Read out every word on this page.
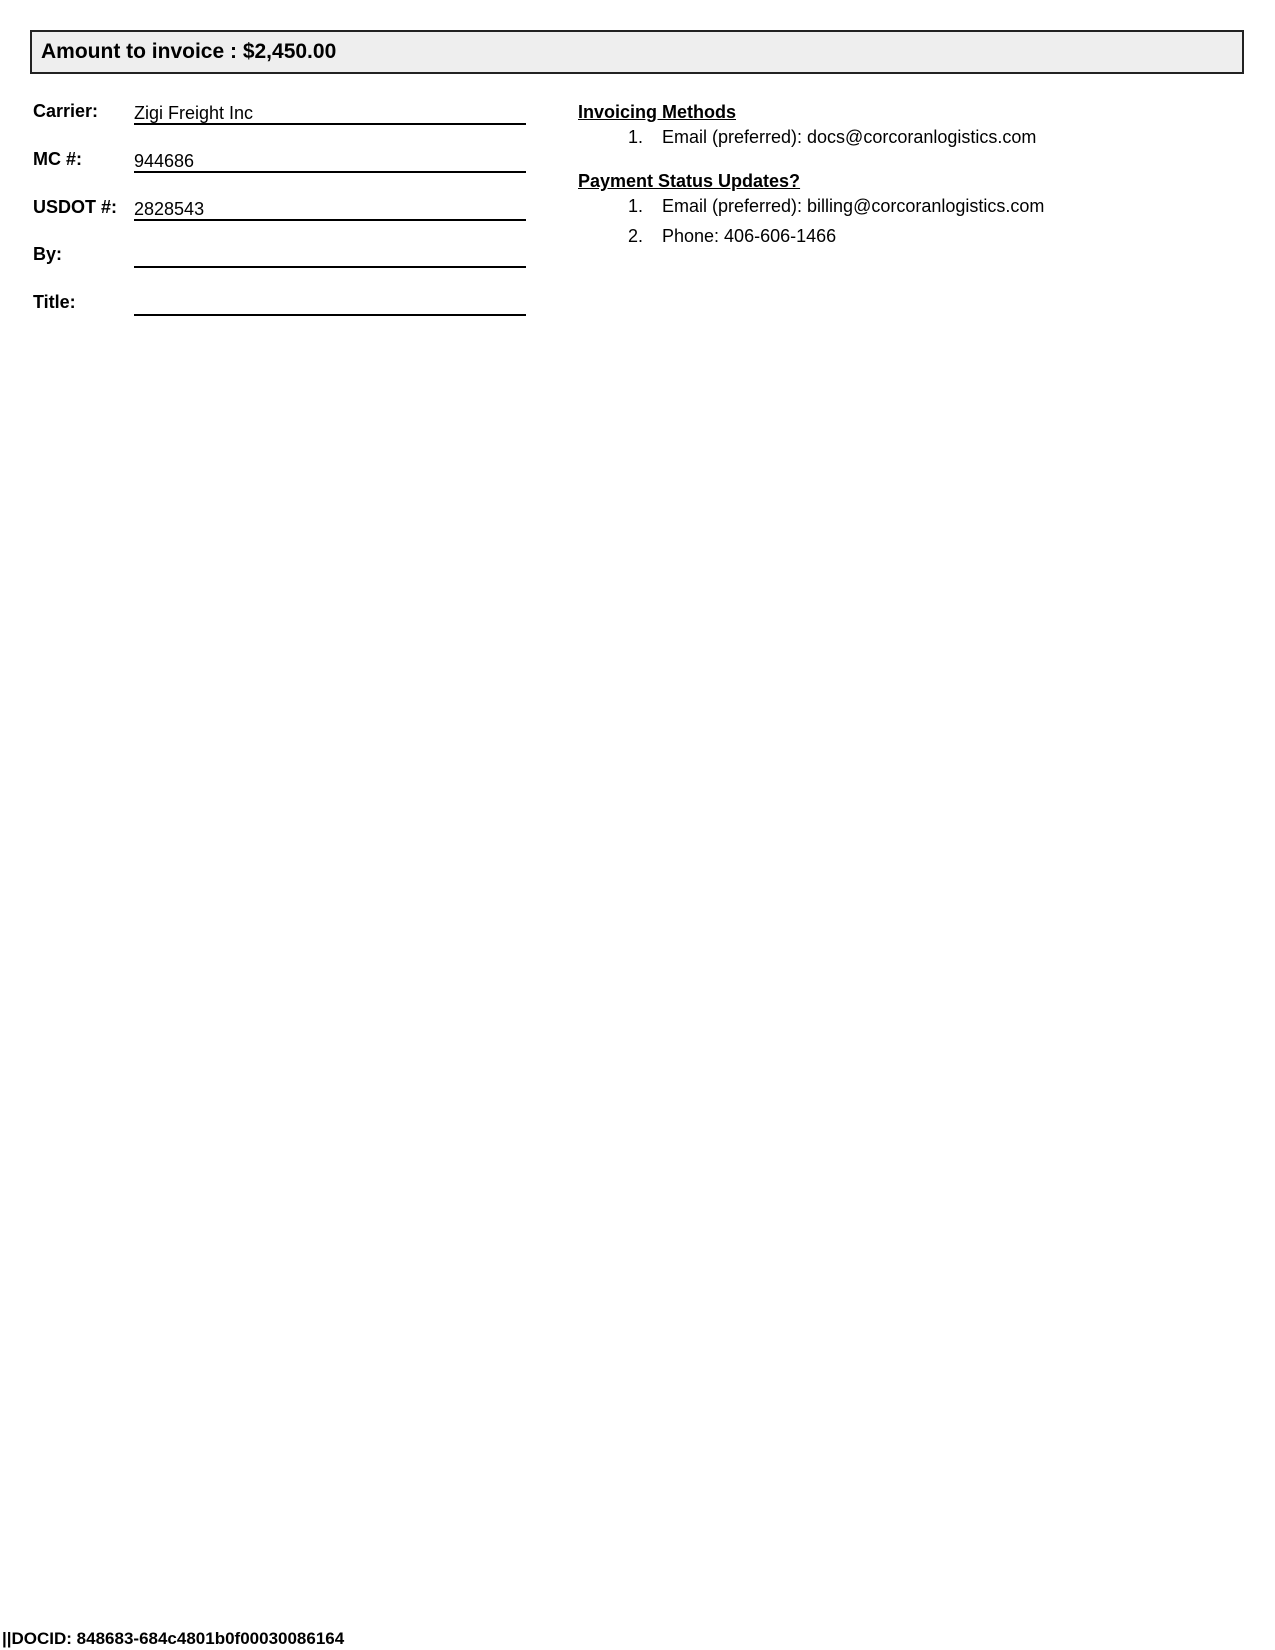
Amount to invoice : $2,450.00
Carrier: Zigi Freight Inc
MC #:	944686
USDOT #: 2828543
By:
Title:
Invoicing Methods
1. Email (preferred): docs@corcoranlogistics.com
Payment Status Updates?
1. Email (preferred): billing@corcoranlogistics.com
2. Phone: 406-606-1466
||DOCID: 848683-684c4801b0f00030086164
